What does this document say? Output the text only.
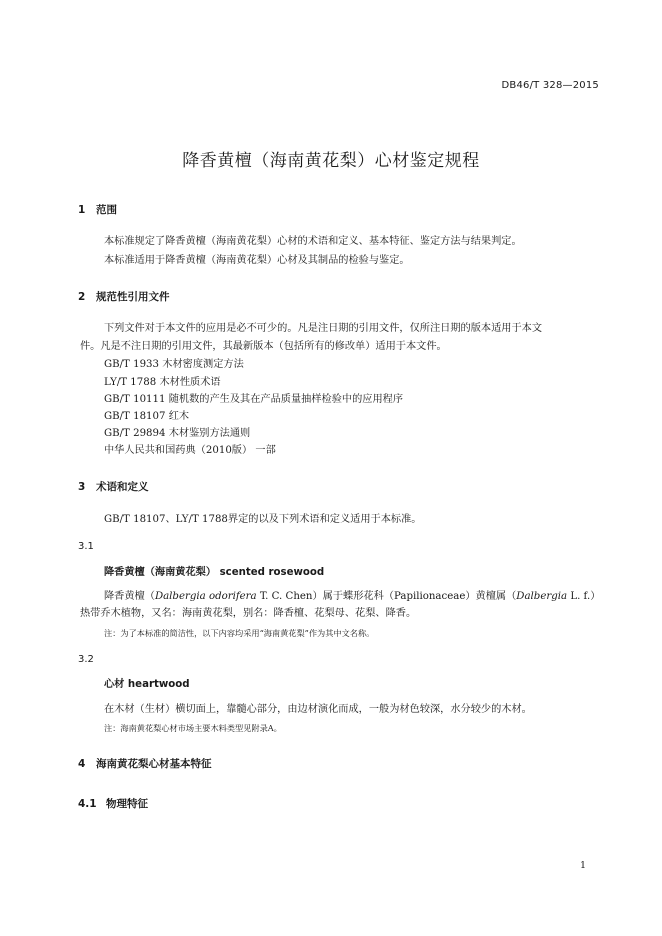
DB46/T 328—2015
降香黄檀（海南黄花梨）心材鉴定规程
1 范围
本标准规定了降香黄檀（海南黄花梨）心材的术语和定义、基本特征、鉴定方法与结果判定。
本标准适用于降香黄檀（海南黄花梨）心材及其制品的检验与鉴定。
2 规范性引用文件
下列文件对于本文件的应用是必不可少的。凡是注日期的引用文件，仅所注日期的版本适用于本文
件。凡是不注日期的引用文件，其最新版本（包括所有的修改单）适用于本文件。
GB/T 1933 木材密度测定方法
LY/T 1788 木材性质术语
GB/T 10111 随机数的产生及其在产品质量抽样检验中的应用程序
GB/T 18107 红木
GB/T 29894 木材鉴别方法通则
中华人民共和国药典（2010版） 一部
3 术语和定义
GB/T 18107、LY/T 1788界定的以及下列术语和定义适用于本标准。
3.1
降香黄檀（海南黄花梨） scented rosewood
降香黄檀（Dalbergia odorifera T. C. Chen）属于蝶形花科（Papilionaceae）黄檀属（Dalbergia L. f.）
热带乔木植物，又名：海南黄花梨，别名：降香檀、花梨母、花梨、降香。
注：为了本标准的简洁性，以下内容均采用“海南黄花梨”作为其中文名称。
3.2
心材 heartwood
在木材（生材）横切面上，靠髓心部分，由边材演化而成，一般为材色较深，水分较少的木材。
注：海南黄花梨心材市场主要木料类型见附录A。
4 海南黄花梨心材基本特征
4.1 物理特征
1
